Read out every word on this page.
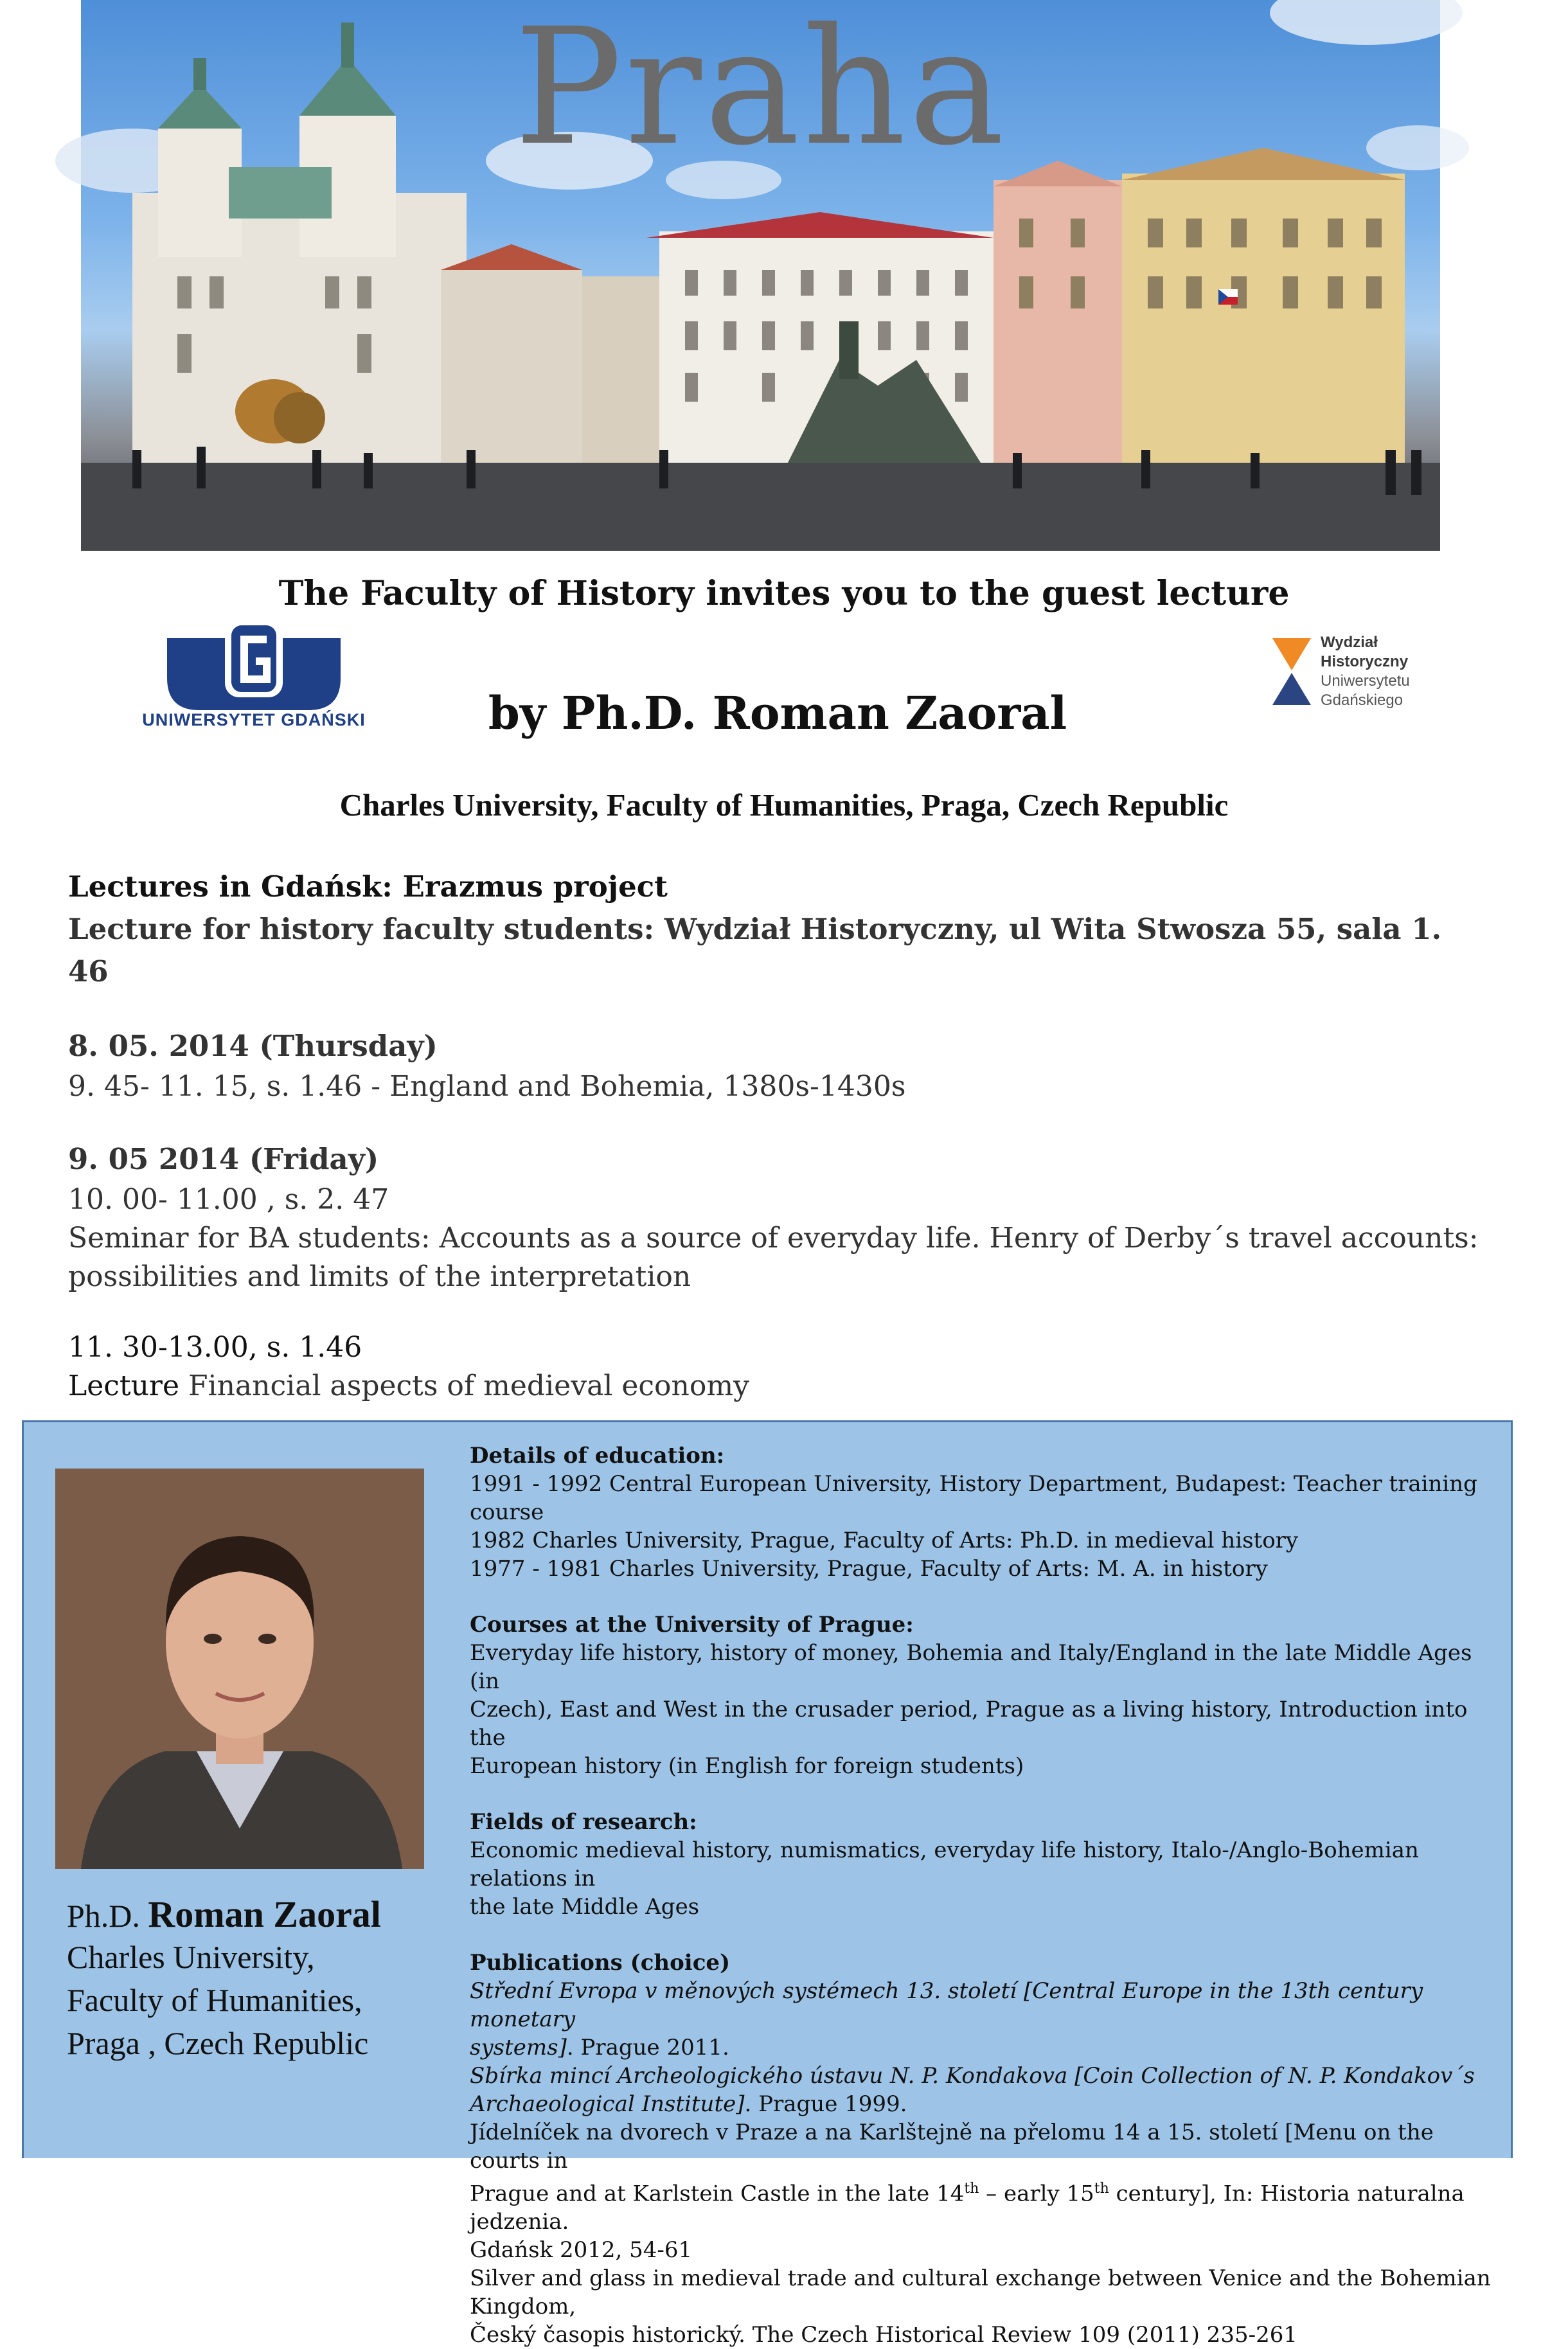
Praha
The Faculty of History invites you to the guest lecture
UNIWERSYTET GDAŃSKI	by Ph.D. Roman Zaoral
Wydział
Historyczny
Uniwersytetu
Gdańskiego
Charles University, Faculty of Humanities, Praga, Czech Republic
Lectures in Gdańsk: Erazmus project
Lecture for history faculty students: Wydział Historyczny, ul Wita Stwosza 55, sala 1. 46
8. 05. 2014 (Thursday)
9. 45- 11. 15, s. 1.46 - England and Bohemia, 1380s-1430s
9. 05 2014 (Friday)
10. 00- 11.00 , s. 2. 47
Seminar for BA students: Accounts as a source of everyday life. Henry of Derby´s travel accounts:
possibilities and limits of the interpretation
11. 30-13.00, s. 1.46
Lecture Financial aspects of medieval economy
Ph.D. Roman Zaoral
Charles University,
Faculty of Humanities,
Praga , Czech Republic
Details of education:
1991 - 1992 Central European University, History Department, Budapest: Teacher training course
1982 Charles University, Prague, Faculty of Arts: Ph.D. in medieval history
1977 - 1981 Charles University, Prague, Faculty of Arts: M. A. in history
Courses at the University of Prague:
Everyday life history, history of money, Bohemia and Italy/England in the late Middle Ages (in
Czech), East and West in the crusader period, Prague as a living history, Introduction into the
European history (in English for foreign students)
Fields of research:
Economic medieval history, numismatics, everyday life history, Italo-/Anglo-Bohemian relations in
the late Middle Ages
Publications (choice)
Střední Evropa v měnových systémech 13. století [Central Europe in the 13th century monetary
systems]. Prague 2011.
Sbírka mincí Archeologického ústavu N. P. Kondakova [Coin Collection of N. P. Kondakov´s
Archaeological Institute]. Prague 1999.
Jídelníček na dvorech v Praze a na Karlštejně na přelomu 14 a 15. století [Menu on the courts in
Prague and at Karlstein Castle in the late 14th – early 15th century], In: Historia naturalna jedzenia.
Gdańsk 2012, 54-61
Silver and glass in medieval trade and cultural exchange between Venice and the Bohemian Kingdom,
Český časopis historický. The Czech Historical Review 109 (2011) 235-261
